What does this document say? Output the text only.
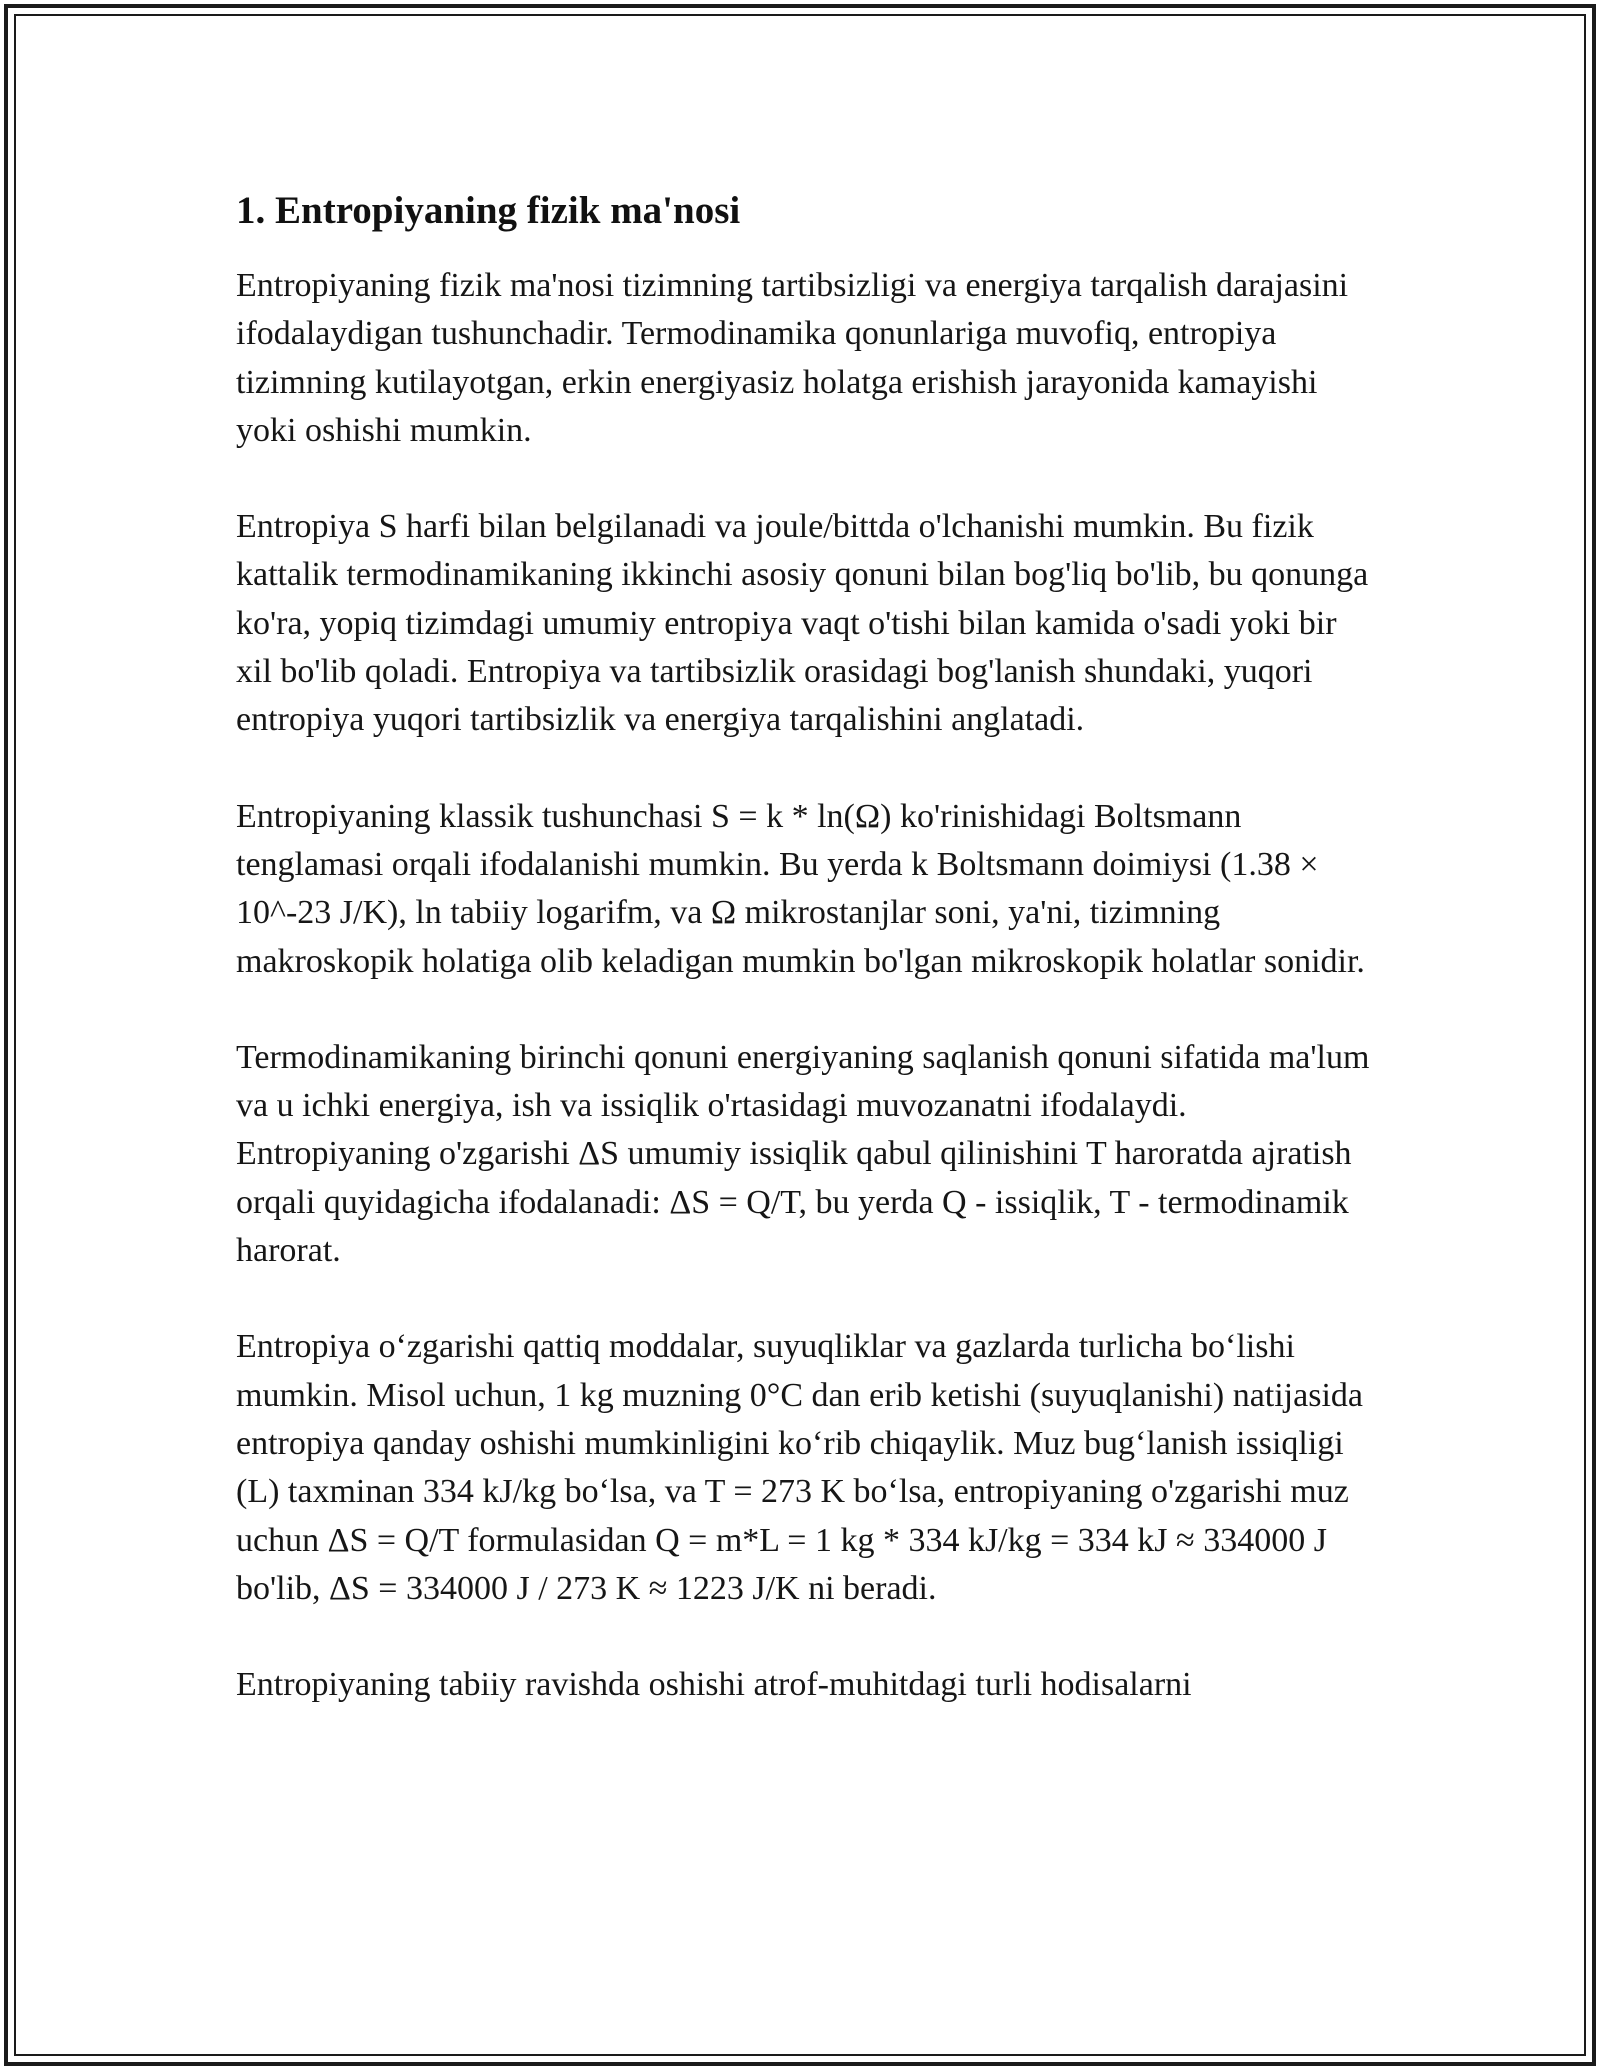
1. Entropiyaning fizik ma'nosi

Entropiyaning fizik ma'nosi tizimning tartibsizligi va energiya tarqalish darajasini ifodalaydigan tushunchadir. Termodinamika qonunlariga muvofiq, entropiya tizimning kutilayotgan, erkin energiyasiz holatga erishish jarayonida kamayishi yoki oshishi mumkin.

Entropiya S harfi bilan belgilanadi va joule/bittda o'lchanishi mumkin. Bu fizik kattalik termodinamikaning ikkinchi asosiy qonuni bilan bog'liq bo'lib, bu qonunga ko'ra, yopiq tizimdagi umumiy entropiya vaqt o'tishi bilan kamida o'sadi yoki bir xil bo'lib qoladi. Entropiya va tartibsizlik orasidagi bog'lanish shundaki, yuqori entropiya yuqori tartibsizlik va energiya tarqalishini anglatadi.

Entropiyaning klassik tushunchasi S = k * ln(Ω) ko'rinishidagi Boltsmann tenglamasi orqali ifodalanishi mumkin. Bu yerda k Boltsmann doimiysi (1.38 × 10^-23 J/K), ln tabiiy logarifm, va Ω mikrostanjlar soni, ya'ni, tizimning makroskopik holatiga olib keladigan mumkin bo'lgan mikroskopik holatlar sonidir.

Termodinamikaning birinchi qonuni energiyaning saqlanish qonuni sifatida ma'lum va u ichki energiya, ish va issiqlik o'rtasidagi muvozanatni ifodalaydi. Entropiyaning o'zgarishi ΔS umumiy issiqlik qabul qilinishini T haroratda ajratish orqali quyidagicha ifodalanadi: ΔS = Q/T, bu yerda Q - issiqlik, T - termodinamik harorat.

Entropiya oʻzgarishi qattiq moddalar, suyuqliklar va gazlarda turlicha boʻlishi mumkin. Misol uchun, 1 kg muzning 0°C dan erib ketishi (suyuqlanishi) natijasida entropiya qanday oshishi mumkinligini koʻrib chiqaylik. Muz bugʻlanish issiqligi (L) taxminan 334 kJ/kg boʻlsa, va T = 273 K boʻlsa, entropiyaning o'zgarishi muz uchun ΔS = Q/T formulasidan Q = m*L = 1 kg * 334 kJ/kg = 334 kJ ≈ 334000 J bo'lib, ΔS = 334000 J / 273 K ≈ 1223 J/K ni beradi.

Entropiyaning tabiiy ravishda oshishi atrof-muhitdagi turli hodisalarni
